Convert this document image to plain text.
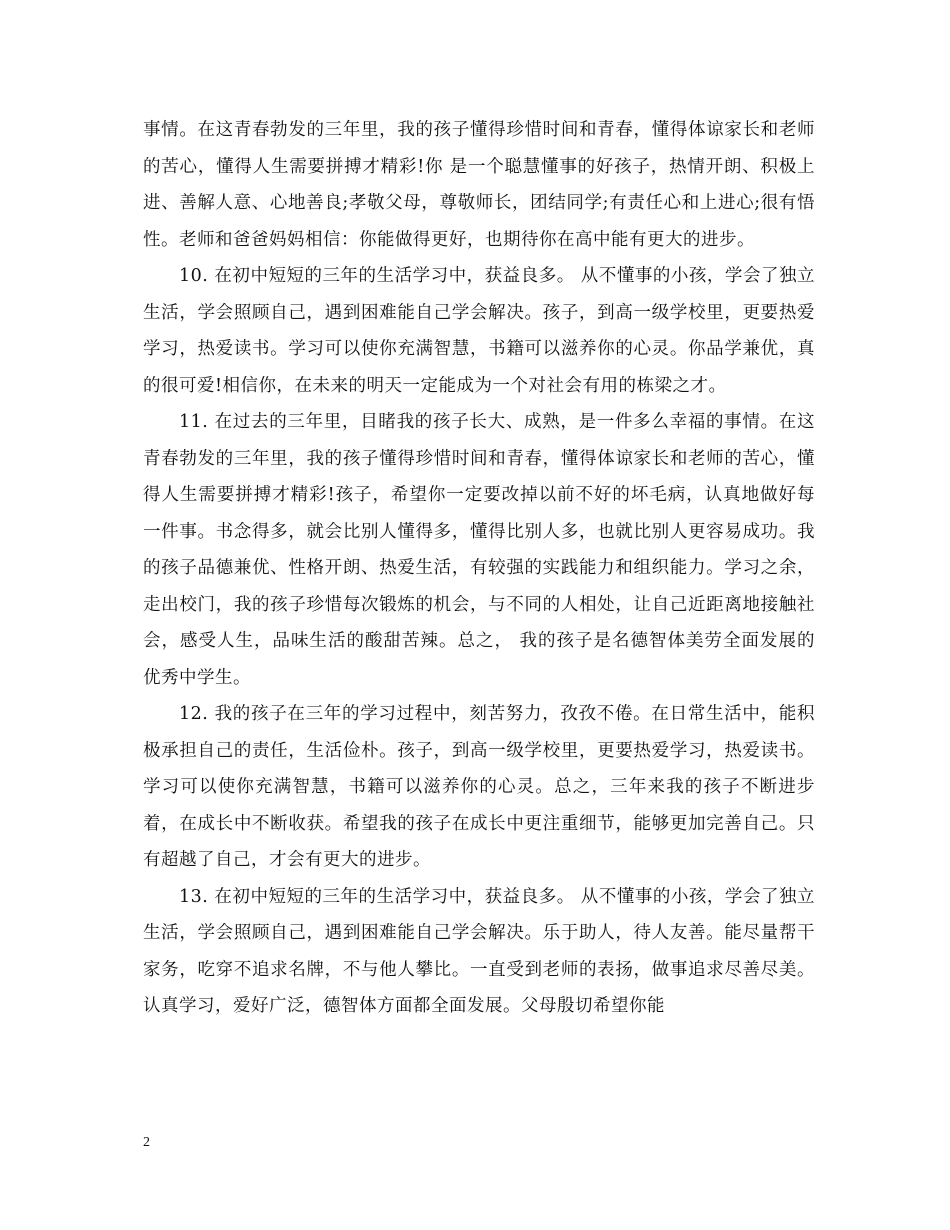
事情。在这青春勃发的三年里，我的孩子懂得珍惜时间和青春，懂得体谅家长和老师的苦心，懂得人生需要拼搏才精彩!你 是一个聪慧懂事的好孩子，热情开朗、积极上进、善解人意、心地善良;孝敬父母，尊敬师长，团结同学;有责任心和上进心;很有悟性。老师和爸爸妈妈相信：你能做得更好，也期待你在高中能有更大的进步。

10. 在初中短短的三年的生活学习中，获益良多。 从不懂事的小孩，学会了独立生活，学会照顾自己，遇到困难能自己学会解决。孩子，到高一级学校里，更要热爱学习，热爱读书。学习可以使你充满智慧，书籍可以滋养你的心灵。你品学兼优，真的很可爱!相信你，在未来的明天一定能成为一个对社会有用的栋梁之才。

11. 在过去的三年里，目睹我的孩子长大、成熟，是一件多么幸福的事情。在这青春勃发的三年里，我的孩子懂得珍惜时间和青春，懂得体谅家长和老师的苦心，懂得人生需要拼搏才精彩!孩子，希望你一定要改掉以前不好的坏毛病，认真地做好每一件事。书念得多，就会比别人懂得多，懂得比别人多，也就比别人更容易成功。我的孩子品德兼优、性格开朗、热爱生活，有较强的实践能力和组织能力。学习之余，走出校门，我的孩子珍惜每次锻炼的机会，与不同的人相处，让自己近距离地接触社会，感受人生，品味生活的酸甜苦辣。总之， 我的孩子是名德智体美劳全面发展的优秀中学生。

12. 我的孩子在三年的学习过程中，刻苦努力，孜孜不倦。在日常生活中，能积极承担自己的责任，生活俭朴。孩子，到高一级学校里，更要热爱学习，热爱读书。学习可以使你充满智慧，书籍可以滋养你的心灵。总之，三年来我的孩子不断进步着，在成长中不断收获。希望我的孩子在成长中更注重细节，能够更加完善自己。只有超越了自己，才会有更大的进步。

13. 在初中短短的三年的生活学习中，获益良多。 从不懂事的小孩，学会了独立生活，学会照顾自己，遇到困难能自己学会解决。乐于助人，待人友善。能尽量帮干家务，吃穿不追求名牌，不与他人攀比。一直受到老师的表扬，做事追求尽善尽美。认真学习，爱好广泛，德智体方面都全面发展。父母殷切希望你能

2
